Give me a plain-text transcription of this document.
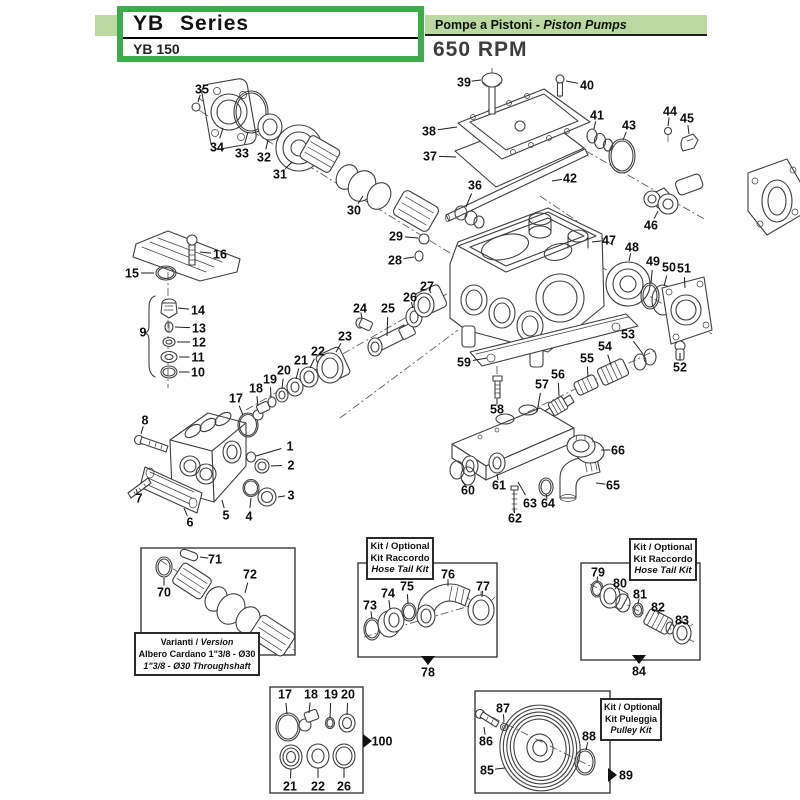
YB Series
YB 150
Pompe a Pistoni - Piston Pumps
650 RPM
1
2
3
4
5
6
7
8
9
10
11
12
13
14
15
16
17
18
19
20
21
22
23
24 25
26
27
28
29
30
31
32
33
34
35
36
37
38
39	40
41
42
43
44 45
46
47 48
49 50 51
52
53
54
55
56
57
58
59
60 61
62
63 64
65
66
70
71
72
73
74 75
76
77
79
80
81
82
83
85
86
87
88
17 18 19 20
21 22 26
78	84
100
89
Varianti / Version
Albero Cardano 1"3/8 - Ø30
1"3/8 - Ø30 Throughshaft
Kit / Optional
Kit Raccordo
Hose Tail Kit
Kit / Optional
Kit Raccordo
Hose Tail Kit
Kit / Optional
Kit Puleggia
Pulley Kit
